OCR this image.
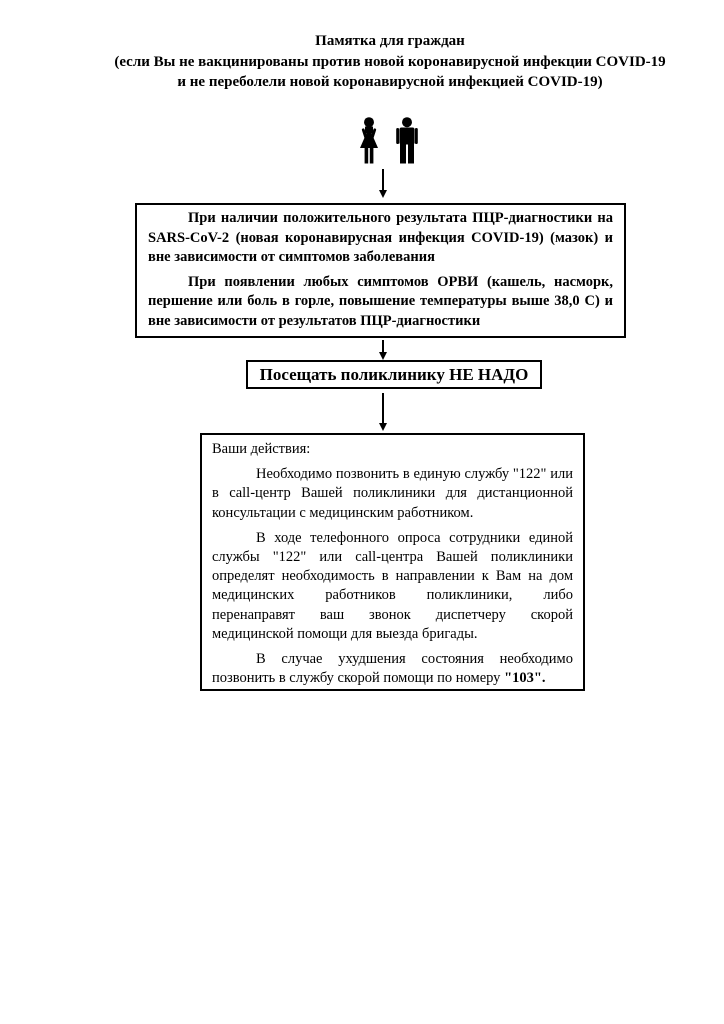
Памятка для граждан
(если Вы не вакцинированы против новой коронавирусной инфекции COVID-19
и не переболели новой коронавирусной инфекцией COVID-19)

При наличии положительного результата ПЦР-диагностики на SARS-CoV-2 (новая коронавирусная инфекция COVID-19) (мазок) и вне зависимости от симптомов заболевания

При появлении любых симптомов ОРВИ (кашель, насморк, першение или боль в горле, повышение температуры выше 38,0 С) и вне зависимости от результатов ПЦР-диагностики

Посещать поликлинику НЕ НАДО
Ваши действия:

Необходимо позвонить в единую службу "122" или в call-центр Вашей поликлиники для дистанционной консультации с медицинским работником.

В ходе телефонного опроса сотрудники единой службы "122" или call-центра Вашей поликлиники определят необходимость в направлении к Вам на дом медицинских работников поликлиники, либо перенаправят ваш звонок диспетчеру скорой медицинской помощи для выезда бригады.

В случае ухудшения состояния необходимо позвонить в службу скорой помощи по номеру "103".
